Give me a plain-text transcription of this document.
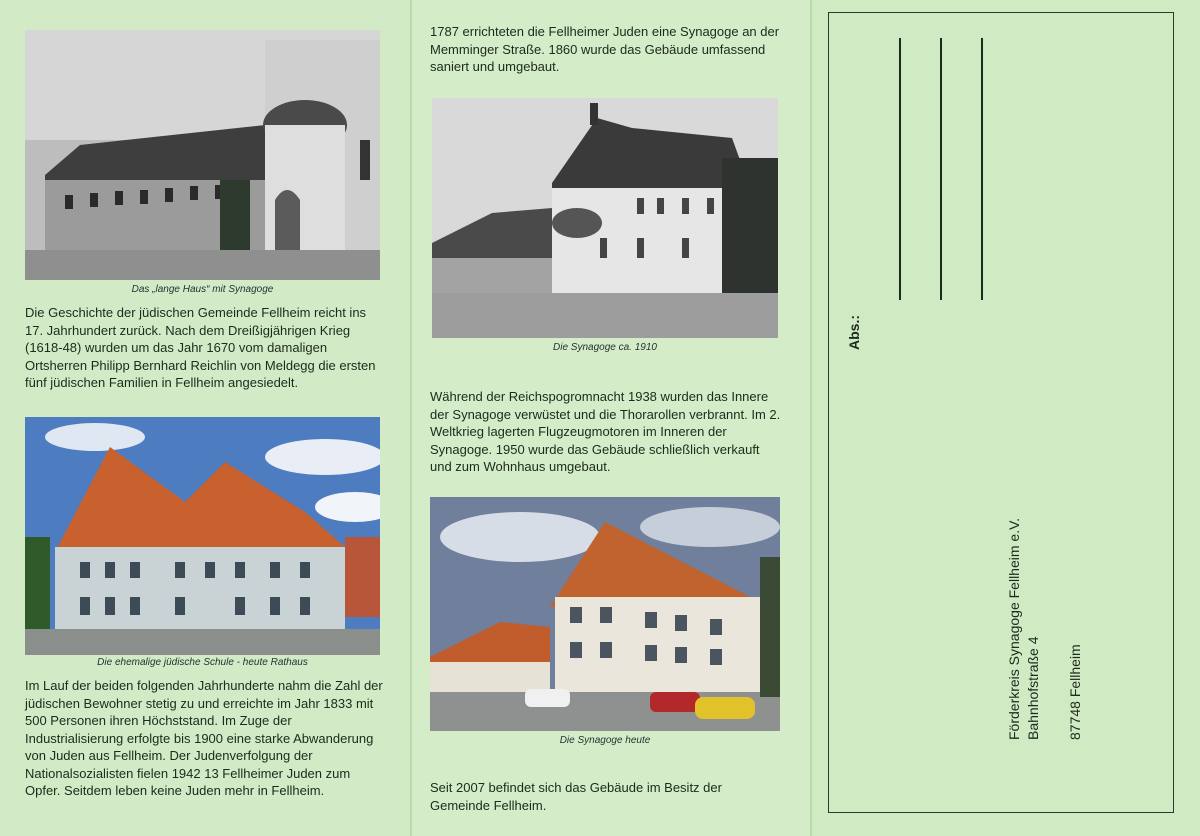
Das „lange Haus“ mit Synagoge

Die Geschichte der jüdischen Gemeinde Fellheim reicht ins 17. Jahrhundert zurück. Nach dem Dreißigjährigen Krieg (1618-48) wurden um das Jahr 1670 vom damaligen Ortsherren Philipp Bernhard Reichlin von Meldegg die ersten fünf jüdischen Familien in Fellheim angesiedelt.

Die ehemalige jüdische Schule - heute Rathaus

Im Lauf der beiden folgenden Jahrhunderte nahm die Zahl der jüdischen Bewohner stetig zu und erreichte im Jahr 1833 mit 500 Personen ihren Höchststand. Im Zuge der Industrialisierung erfolgte bis 1900 eine starke Abwanderung von Juden aus Fellheim. Der Judenverfolgung der Nationalsozialisten fielen 1942 13 Fellheimer Juden zum Opfer. Seitdem leben keine Juden mehr in Fellheim.

1787 errichteten die Fellheimer Juden eine Synagoge an der Memminger Straße. 1860 wurde das Gebäude umfassend saniert und umgebaut.

Die Synagoge ca. 1910

Während der Reichspogromnacht 1938 wurden das Innere der Synagoge verwüstet und die Thorarollen verbrannt. Im 2. Weltkrieg lagerten Flugzeugmotoren im Inneren der Synagoge. 1950 wurde das Gebäude schließlich verkauft und zum Wohnhaus umgebaut.

Die Synagoge heute

Seit 2007 befindet sich das Gebäude im Besitz der Gemeinde Fellheim.

Abs.:
Förderkreis Synagoge Fellheim e.V. Bahnhofstraße 4 87748 Fellheim
